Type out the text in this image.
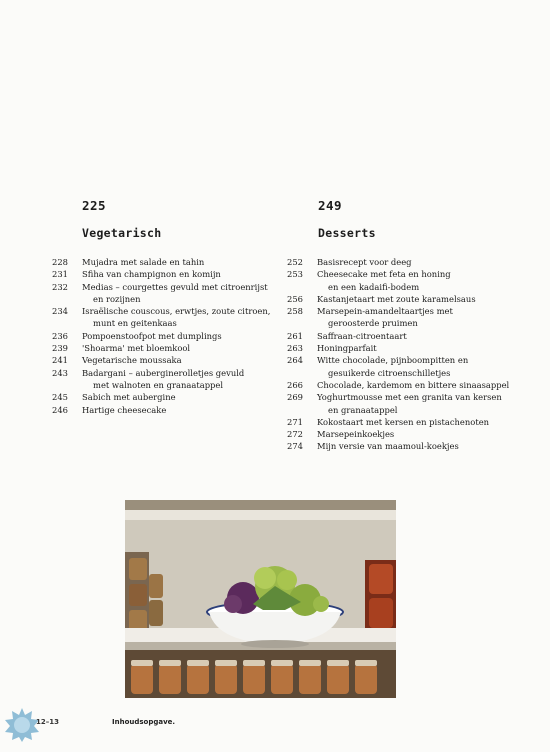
225
Vegetarisch
228	Mujadra met salade en tahin
231	Sfiha van champignon en komijn
232	Medias – courgettes gevuld met citroenrijst
en rozijnen
234	Israëlische couscous, erwtjes, zoute citroen,
munt en geitenkaas
236	Pompoenstoofpot met dumplings
239	'Shoarma' met bloemkool
241	Vegetarische moussaka
243	Badargani – auberginerolletjes gevuld
met walnoten en granaatappel
245	Sabich met aubergine
246	Hartige cheesecake
249
Desserts
252	Basisrecept voor deeg
253	Cheesecake met feta en honing
en een kadaifi-bodem
256	Kastanjetaart met zoute karamelsaus
258	Marsepein-amandeltaartjes met
geroosterde pruimen
261	Saffraan-citroentaart
263	Honingparfait
264	Witte chocolade, pijnboompitten en
gesuikerde citroenschilletjes
266	Chocolade, kardemom en bittere sinaasappel
269	Yoghurtmousse met een granita van kersen
en granaatappel
271	Kokostaart met kersen en pistachenoten
272	Marsepeinkoekjes
274	Mijn versie van maamoul-koekjes
12–13	Inhoudsopgave.
